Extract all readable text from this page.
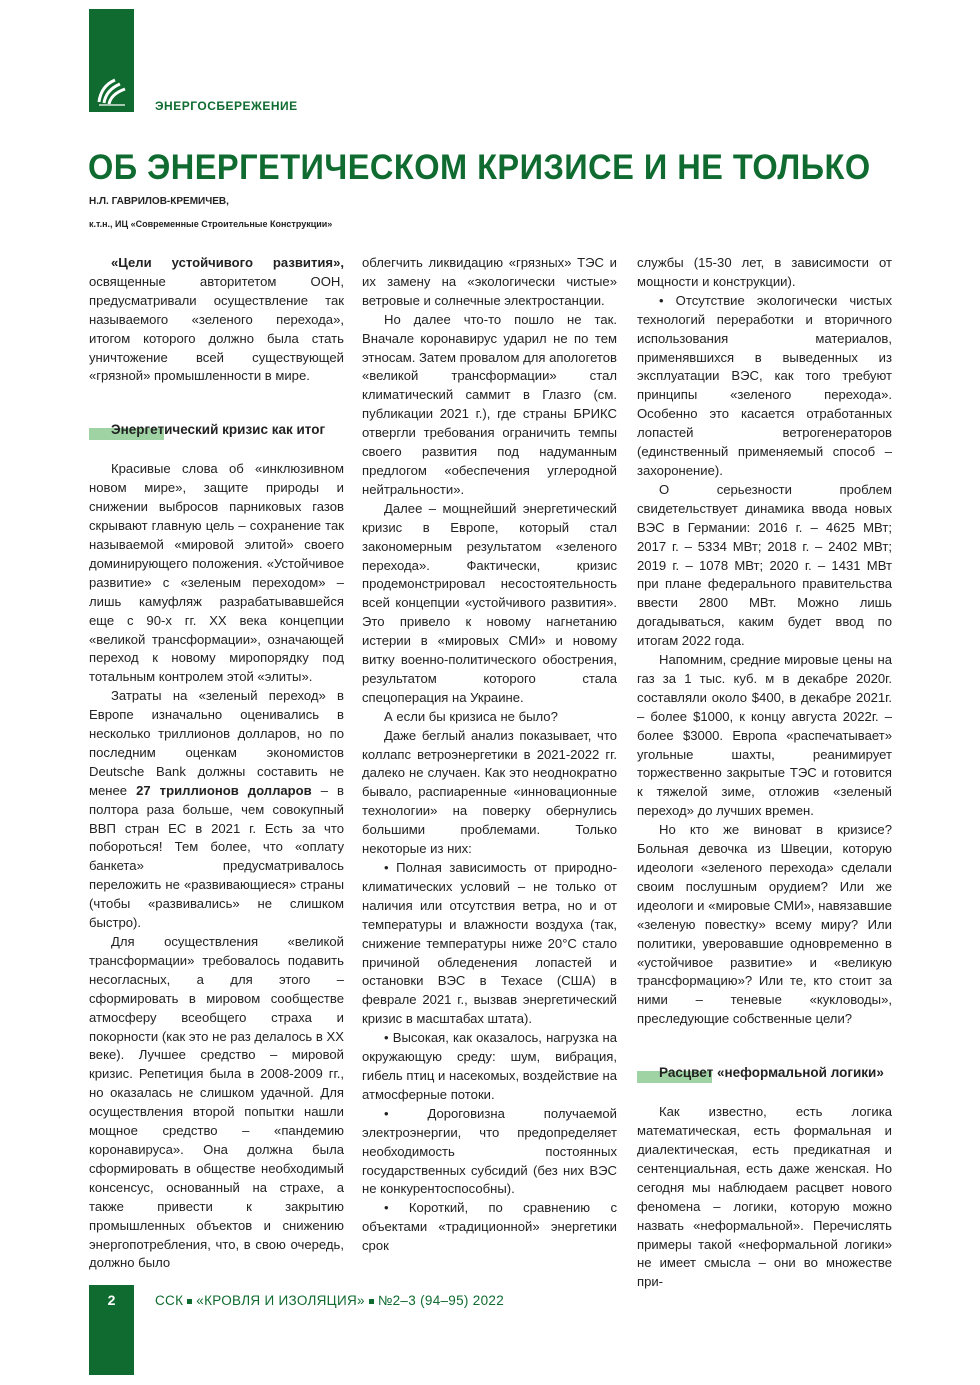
ЭНЕРГОСБЕРЕЖЕНИЕ
ОБ ЭНЕРГЕТИЧЕСКОМ КРИЗИСЕ И НЕ ТОЛЬКО
Н.Л. ГАВРИЛОВ-КРЕМИЧЕВ,
к.т.н., ИЦ «Современные Строительные Конструкции»

«Цели устойчивого развития», освященные авторитетом ООН, предусматривали осуществление так называемого «зеленого перехода», итогом которого должно была стать уничтожение всей существующей «грязной» промышленности в мире.

Энергетический кризис как итог

Красивые слова об «инклюзивном новом мире», защите природы и снижении выбросов парниковых газов скрывают главную цель – сохранение так называемой «мировой элитой» своего доминирующего положения. «Устойчивое развитие» с «зеленым переходом» – лишь камуфляж разрабатывавшейся еще с 90-х гг. XX века концепции «великой трансформации», означающей переход к новому миропорядку под тотальным контролем этой «элиты».

Затраты на «зеленый переход» в Европе изначально оценивались в несколько триллионов долларов, но по последним оценкам экономистов Deutsche Bank должны составить не менее 27 триллионов долларов – в полтора раза больше, чем совокупный ВВП стран ЕС в 2021 г. Есть за что побороться! Тем более, что «оплату банкета» предусматривалось переложить не «развивающиеся» страны (чтобы «развивались» не слишком быстро).

Для осуществления «великой трансформации» требовалось подавить несогласных, а для этого – сформировать в мировом сообществе атмосферу всеобщего страха и покорности (как это не раз делалось в XX веке). Лучшее средство – мировой кризис. Репетиция была в 2008-2009 гг., но оказалась не слишком удачной. Для осуществления второй попытки нашли мощное средство – «пандемию коронавируса». Она должна была сформировать в обществе необходимый консенсус, основанный на страхе, а также привести к закрытию промышленных объектов и снижению энергопотребления, что, в свою очередь, должно было

облегчить ликвидацию «грязных» ТЭС и их замену на «экологически чистые» ветровые и солнечные электростанции.

Но далее что-то пошло не так. Вначале коронавирус ударил не по тем этносам. Затем провалом для апологетов «великой трансформации» стал климатический саммит в Глазго (см. публикации 2021 г.), где страны БРИКС отвергли требования ограничить темпы своего развития под надуманным предлогом «обеспечения углеродной нейтральности».

Далее – мощнейший энергетический кризис в Европе, который стал закономерным результатом «зеленого перехода». Фактически, кризис продемонстрировал несостоятельность всей концепции «устойчивого развития». Это привело к новому нагнетанию истерии в «мировых СМИ» и новому витку военно-политического обострения, результатом которого стала спецоперация на Украине.

А если бы кризиса не было?

Даже беглый анализ показывает, что коллапс ветроэнергетики в 2021-2022 гг. далеко не случаен. Как это неоднократно бывало, распиаренные «инновационные технологии» на поверку обернулись большими проблемами. Только некоторые из них:

• Полная зависимость от природно-климатических условий – не только от наличия или отсутствия ветра, но и от температуры и влажности воздуха (так, снижение температуры ниже 20°С стало причиной обледенения лопастей и остановки ВЭС в Техасе (США) в феврале 2021 г., вызвав энергетический кризис в масштабах штата).

• Высокая, как оказалось, нагрузка на окружающую среду: шум, вибрация, гибель птиц и насекомых, воздействие на атмосферные потоки.

• Дороговизна получаемой электроэнергии, что предопределяет необходимость постоянных государственных субсидий (без них ВЭС не конкурентоспособны).

• Короткий, по сравнению с объектами «традиционной» энергетики срок

службы (15-30 лет, в зависимости от мощности и конструкции).

• Отсутствие экологически чистых технологий переработки и вторичного использования материалов, применявшихся в выведенных из эксплуатации ВЭС, как того требуют принципы «зеленого перехода». Особенно это касается отработанных лопастей ветрогенераторов (единственный применяемый способ – захоронение).

О серьезности проблем свидетельствует динамика ввода новых ВЭС в Германии: 2016 г. – 4625 МВт; 2017 г. – 5334 МВт; 2018 г. – 2402 МВт; 2019 г. – 1078 МВт; 2020 г. – 1431 МВт при плане федерального правительства ввести 2800 МВт. Можно лишь догадываться, каким будет ввод по итогам 2022 года.

Напомним, средние мировые цены на газ за 1 тыс. куб. м в декабре 2020г. составляли около $400, в декабре 2021г. – более $1000, к концу августа 2022г. – более $3000. Европа «распечатывает» угольные шахты, реанимирует торжественно закрытые ТЭС и готовится к тяжелой зиме, отложив «зеленый переход» до лучших времен.

Но кто же виноват в кризисе? Больная девочка из Швеции, которую идеологи «зеленого перехода» сделали своим послушным орудием? Или же идеологи и «мировые СМИ», навязавшие «зеленую повестку» всему миру? Или политики, уверовавшие одновременно в «устойчивое развитие» и «великую трансформацию»? Или те, кто стоит за ними – теневые «кукловоды», преследующие собственные цели?

Расцвет «неформальной логики»

Как известно, есть логика математическая, есть формальная и диалектическая, есть предикатная и сентенциальная, есть даже женская. Но сегодня мы наблюдаем расцвет нового феномена – логики, которую можно назвать «неформальной». Перечислять примеры такой «неформальной логики» не имеет смысла – они во множестве при-

2	ССК «КРОВЛЯ И ИЗОЛЯЦИЯ» №2–3 (94–95) 2022
